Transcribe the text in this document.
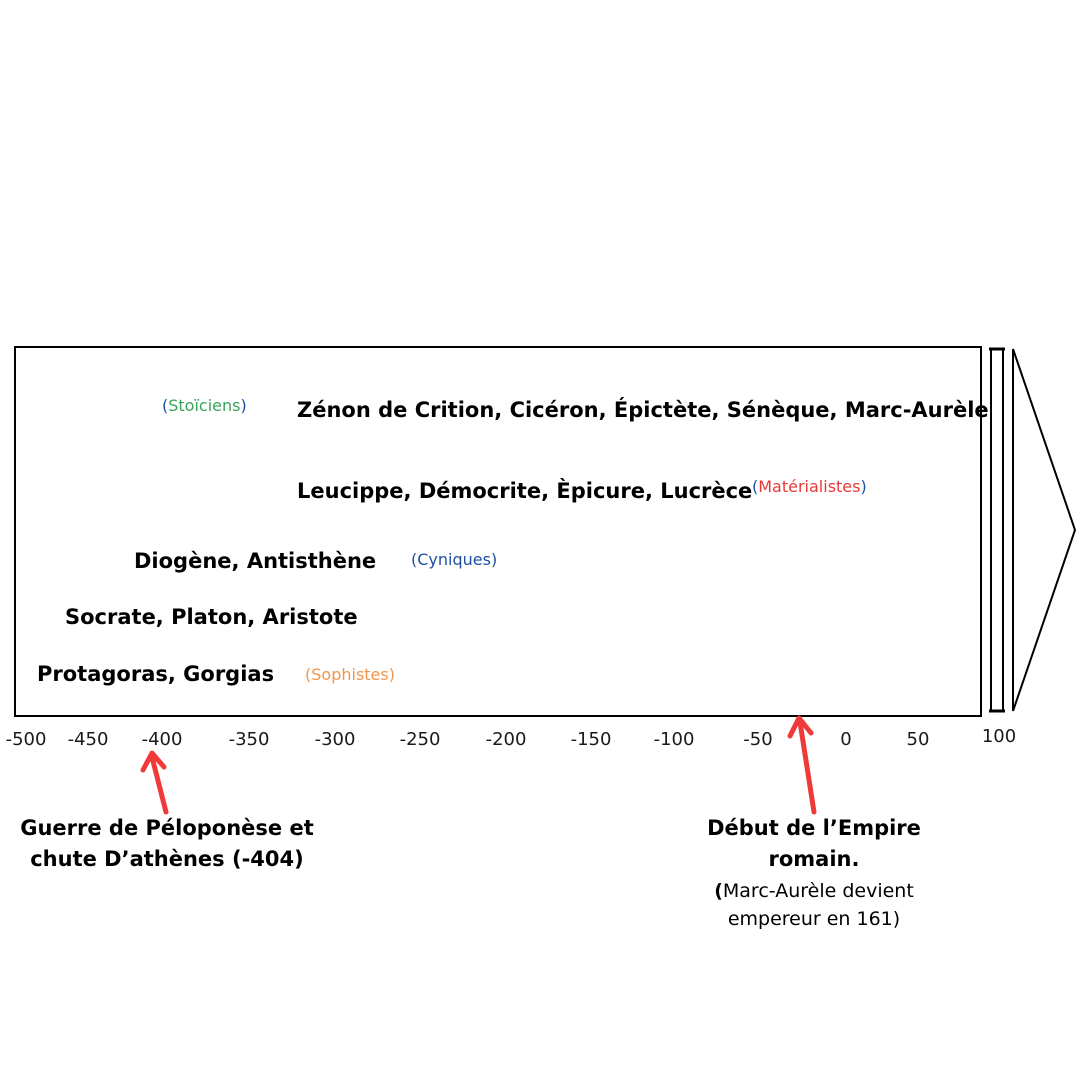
(Stoïciens) Zénon de Crition, Cicéron, Épictète, Sénèque, Marc-Aurèle
Leucippe, Démocrite, Èpicure, Lucrèce (Matérialistes)
Diogène, Antisthène (Cyniques)
Socrate, Platon, Aristote
Protagoras, Gorgias (Sophistes)
-500 -450 -400	-350	-300 -250	-200 -150 -100	-50	0	50	100
Guerre de Péloponèse et
chute D’athènes (-404)
Début de l’Empire
romain.
(Marc-Aurèle devient
empereur en 161)
